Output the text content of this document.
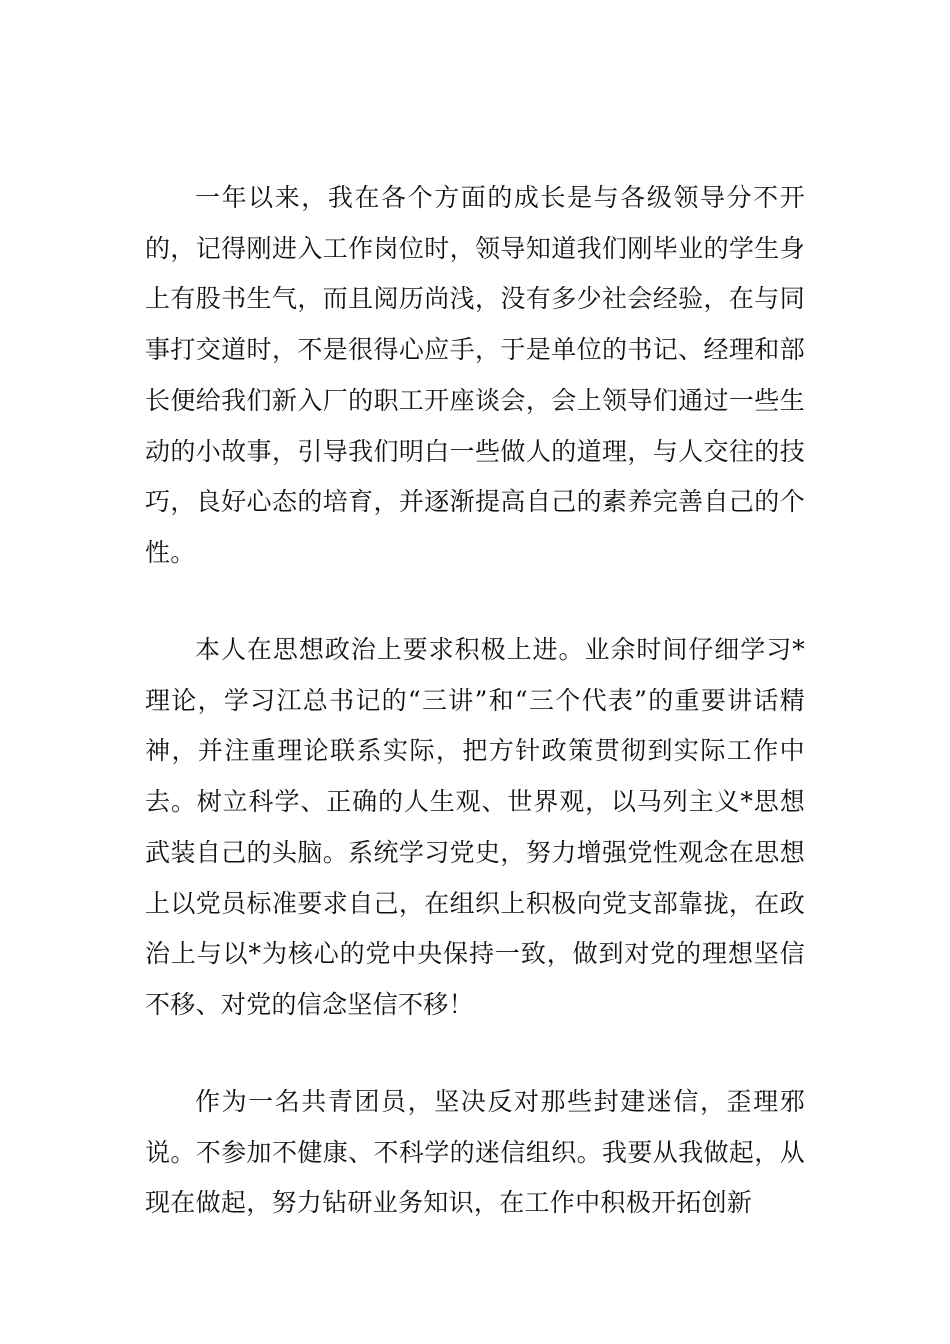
一年以来，我在各个方面的成长是与各级领导分不开的，记得刚进入工作岗位时，领导知道我们刚毕业的学生身上有股书生气，而且阅历尚浅，没有多少社会经验，在与同事打交道时，不是很得心应手，于是单位的书记、经理和部长便给我们新入厂的职工开座谈会，会上领导们通过一些生动的小故事，引导我们明白一些做人的道理，与人交往的技巧，良好心态的培育，并逐渐提高自己的素养完善自己的个性。

本人在思想政治上要求积极上进。业余时间仔细学习*理论，学习江总书记的“三讲”和“三个代表”的重要讲话精神，并注重理论联系实际，把方针政策贯彻到实际工作中去。树立科学、正确的人生观、世界观，以马列主义*思想武装自己的头脑。系统学习党史，努力增强党性观念在思想上以党员标准要求自己，在组织上积极向党支部靠拢，在政治上与以*为核心的党中央保持一致，做到对党的理想坚信不移、对党的信念坚信不移！

作为一名共青团员，坚决反对那些封建迷信，歪理邪说。不参加不健康、不科学的迷信组织。我要从我做起，从现在做起，努力钻研业务知识，在工作中积极开拓创新
